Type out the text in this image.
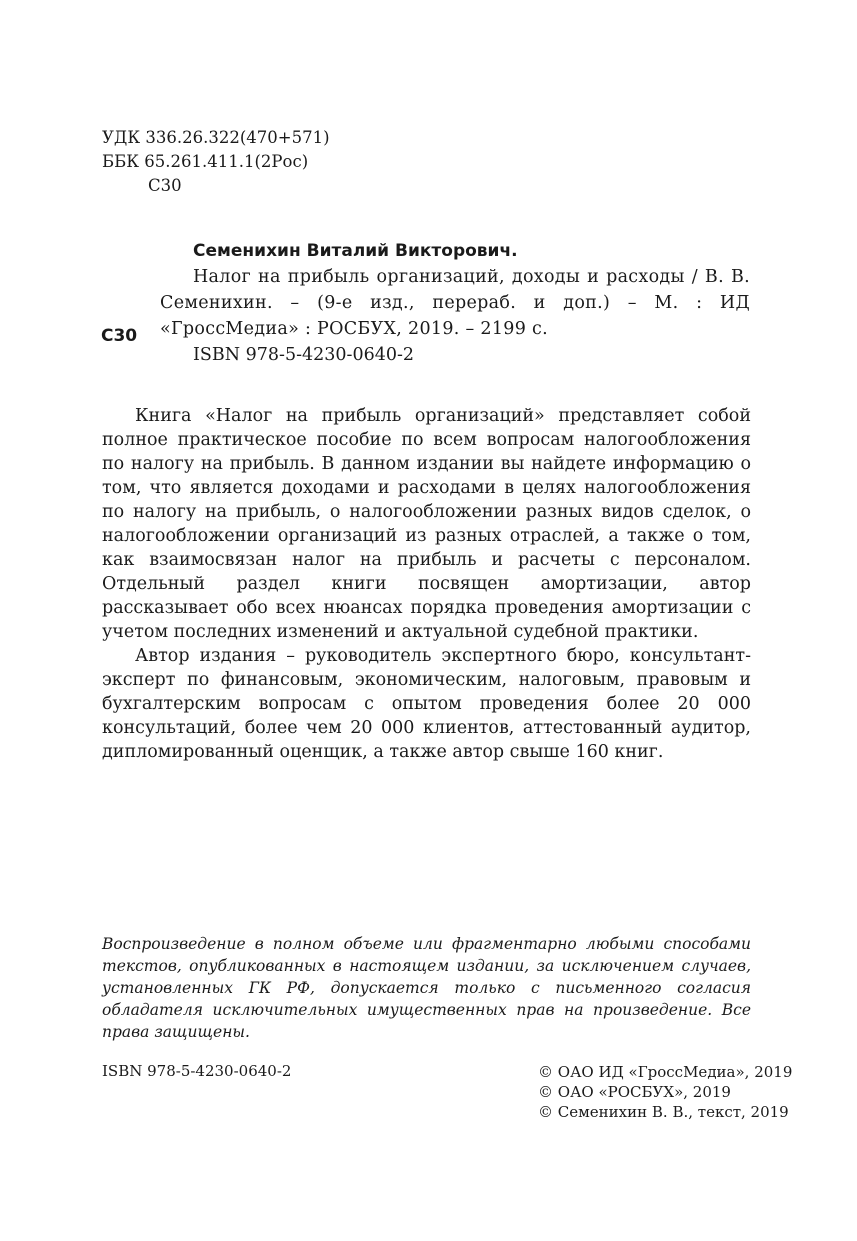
УДК 336.26.322(470+571)
ББК 65.261.411.1(2Рос)
С30
С30
Семенихин Виталий Викторович.
Налог на прибыль организаций, доходы и расходы / В. В. Семенихин. – (9-е изд., перераб. и доп.) – М. : ИД «ГроссМедиа» : РОСБУХ, 2019. – 2199 с.
ISBN 978-5-4230-0640-2

Книга «Налог на прибыль организаций» представляет собой полное практическое пособие по всем вопросам налогообложения по налогу на прибыль. В данном издании вы найдете информацию о том, что является доходами и расходами в целях налогообложения по налогу на прибыль, о налогообложении разных видов сделок, о налогообложении организаций из разных отраслей, а также о том, как взаимосвязан налог на прибыль и расчеты с персоналом. Отдельный раздел книги посвящен амортизации, автор рассказывает обо всех нюансах порядка проведения амортизации с учетом последних изменений и актуальной судебной практики.

Автор издания – руководитель экспертного бюро, консультант-эксперт по финансовым, экономическим, налоговым, правовым и бухгалтерским вопросам с опытом проведения более 20 000 консультаций, более чем 20 000 клиентов, аттестованный аудитор, дипломированный оценщик, а также автор свыше 160 книг.

Воспроизведение в полном объеме или фрагментарно любыми способами текстов, опубликованных в настоящем издании, за исключением случаев, установленных ГК РФ, допускается только с письменного согласия обладателя исключительных имущественных прав на произведение. Все права защищены.
ISBN 978-5-4230-0640-2	© ОАО ИД «ГроссМедиа», 2019
© ОАО «РОСБУХ», 2019
© Семенихин В. В., текст, 2019
